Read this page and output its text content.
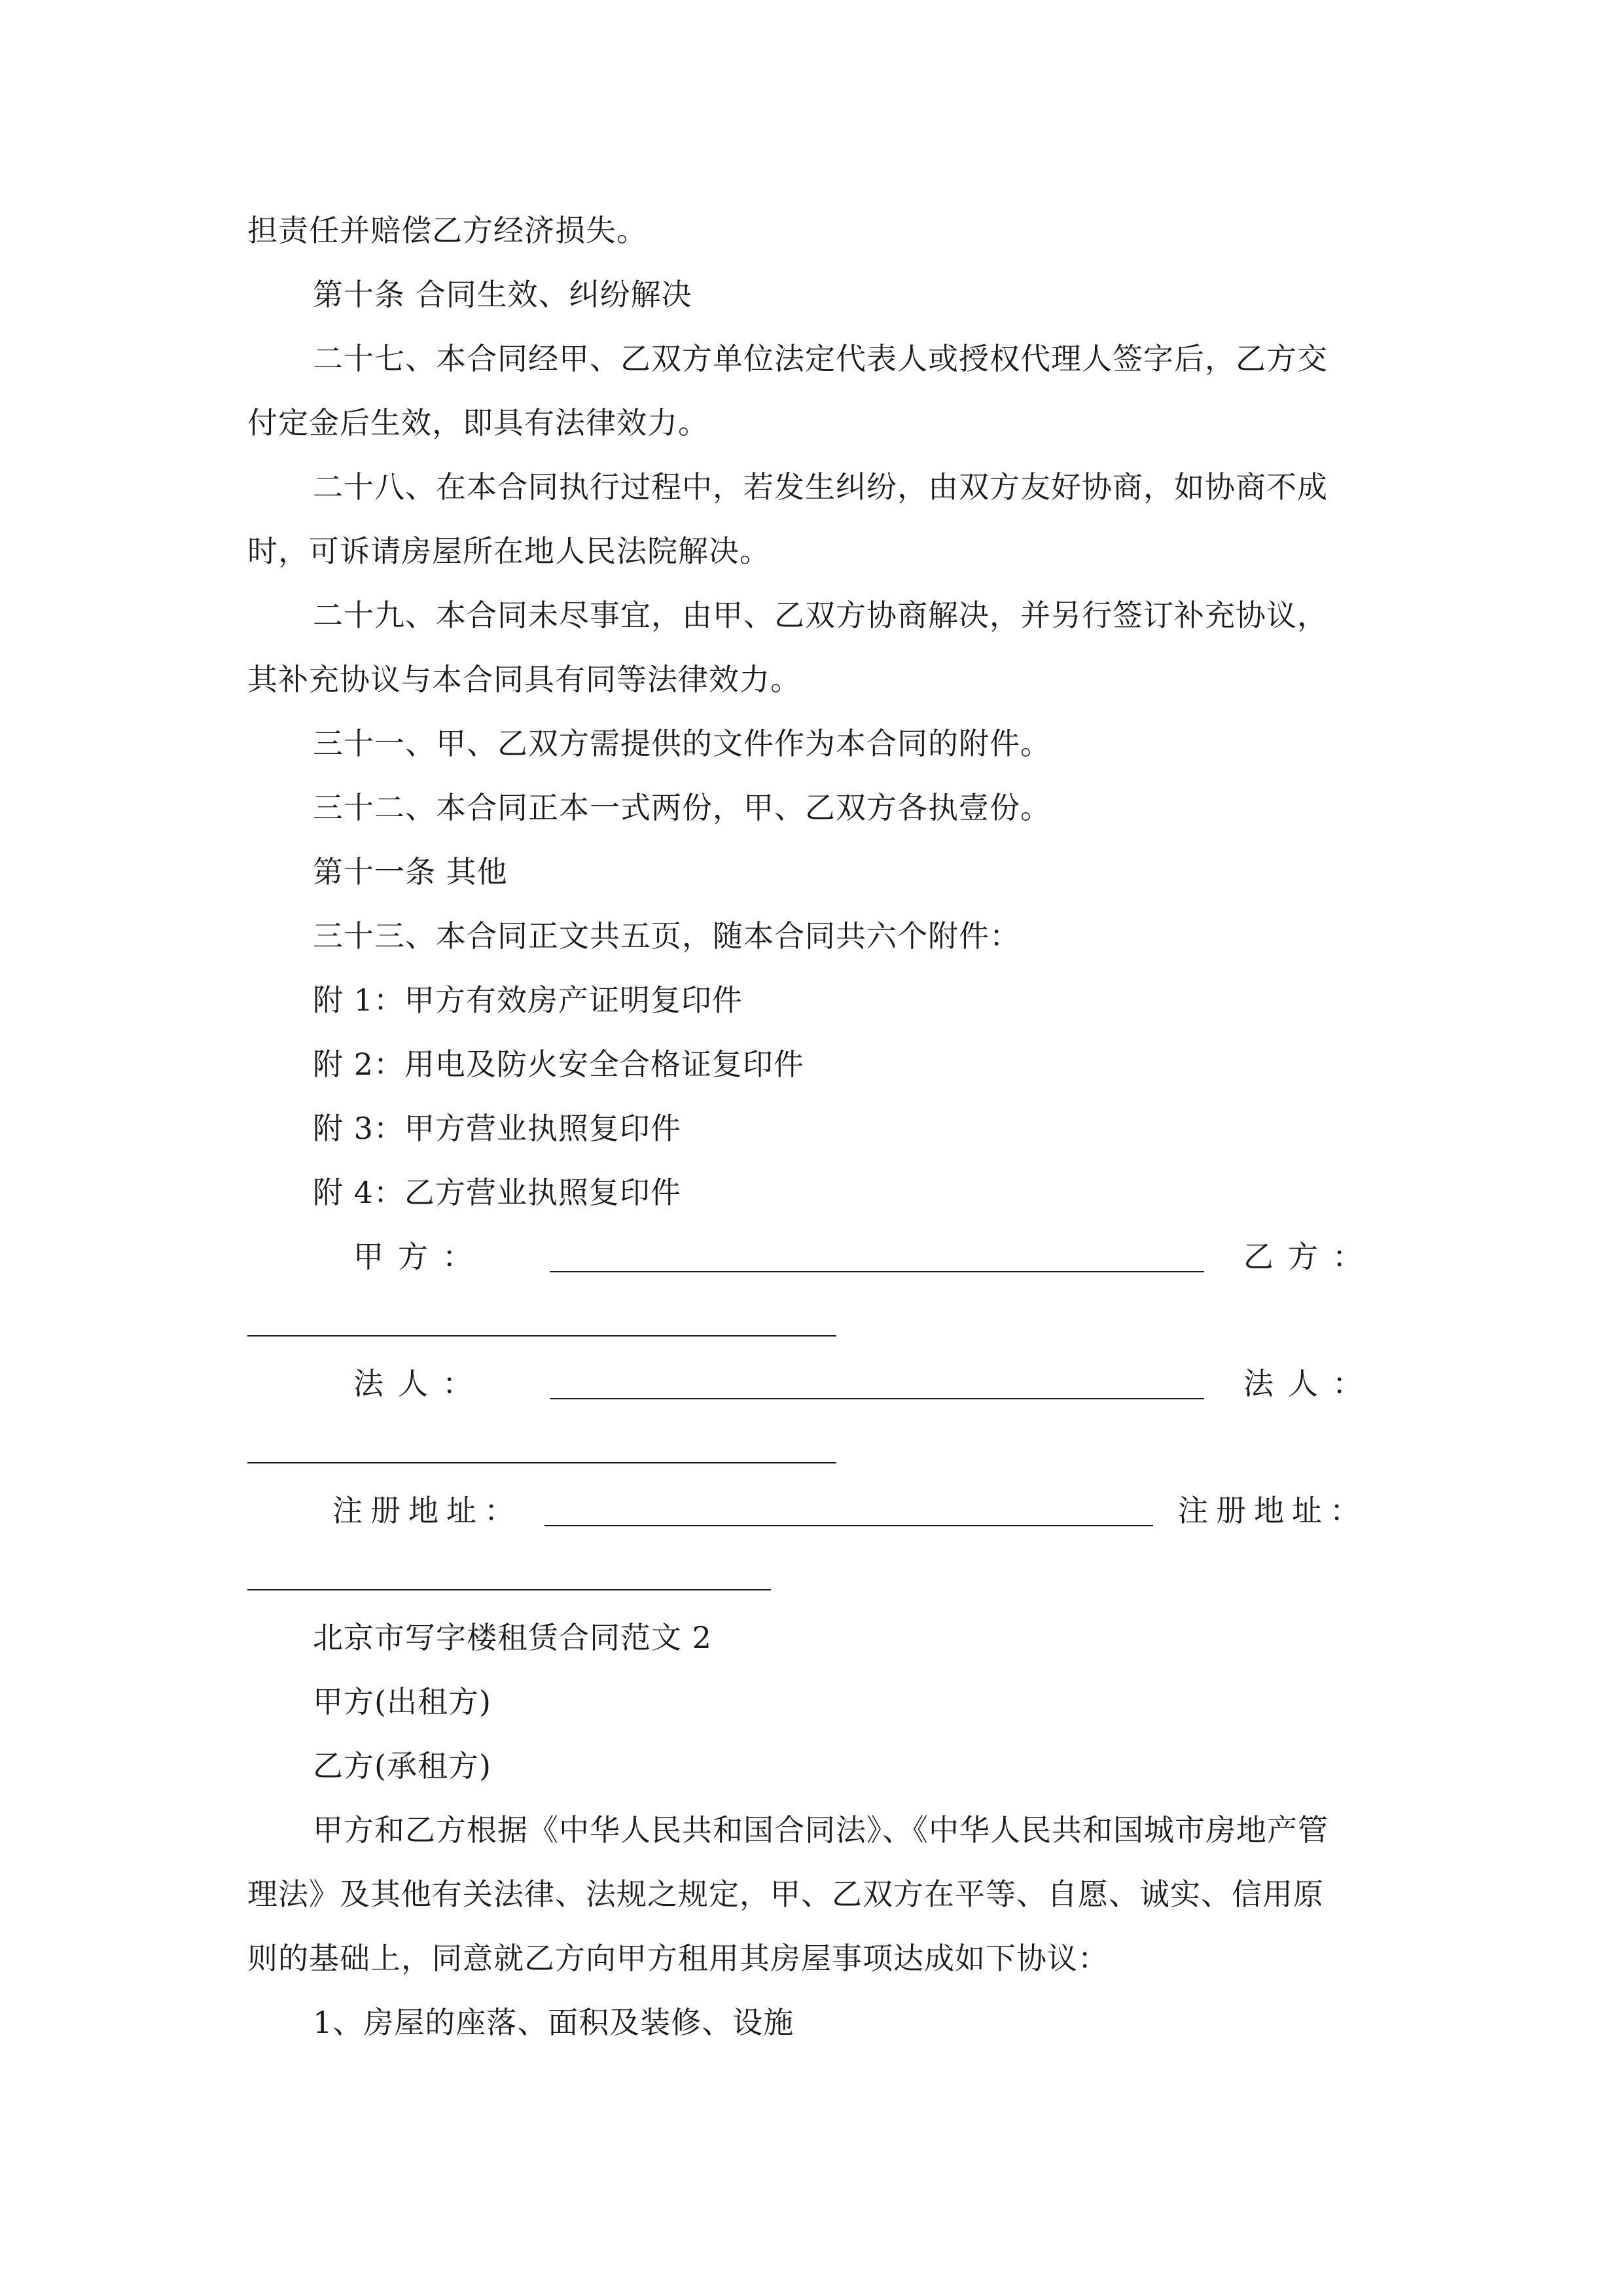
担责任并赔偿乙方经济损失。
第十条 合同生效、纠纷解决
二十七、本合同经甲、乙双方单位法定代表人或授权代理人签字后，乙方交
付定金后生效，即具有法律效力。
二十八、在本合同执行过程中，若发生纠纷，由双方友好协商，如协商不成
时，可诉请房屋所在地人民法院解决。
二十九、本合同未尽事宜，由甲、乙双方协商解决，并另行签订补充协议，
其补充协议与本合同具有同等法律效力。
三十一、甲、乙双方需提供的文件作为本合同的附件。
三十二、本合同正本一式两份，甲、乙双方各执壹份。
第十一条 其他
三十三、本合同正文共五页，随本合同共六个附件：
附 1：甲方有效房产证明复印件
附 2：用电及防火安全合格证复印件
附 3：甲方营业执照复印件
附 4：乙方营业执照复印件
甲方：	乙方：
法人：	法人：
注册地址：	注册地址：
北京市写字楼租赁合同范文 2
甲方(出租方)
乙方(承租方)
甲方和乙方根据《中华人民共和国合同法》、《中华人民共和国城市房地产管
理法》及其他有关法律、法规之规定，甲、乙双方在平等、自愿、诚实、信用原
则的基础上，同意就乙方向甲方租用其房屋事项达成如下协议：
1、房屋的座落、面积及装修、设施
